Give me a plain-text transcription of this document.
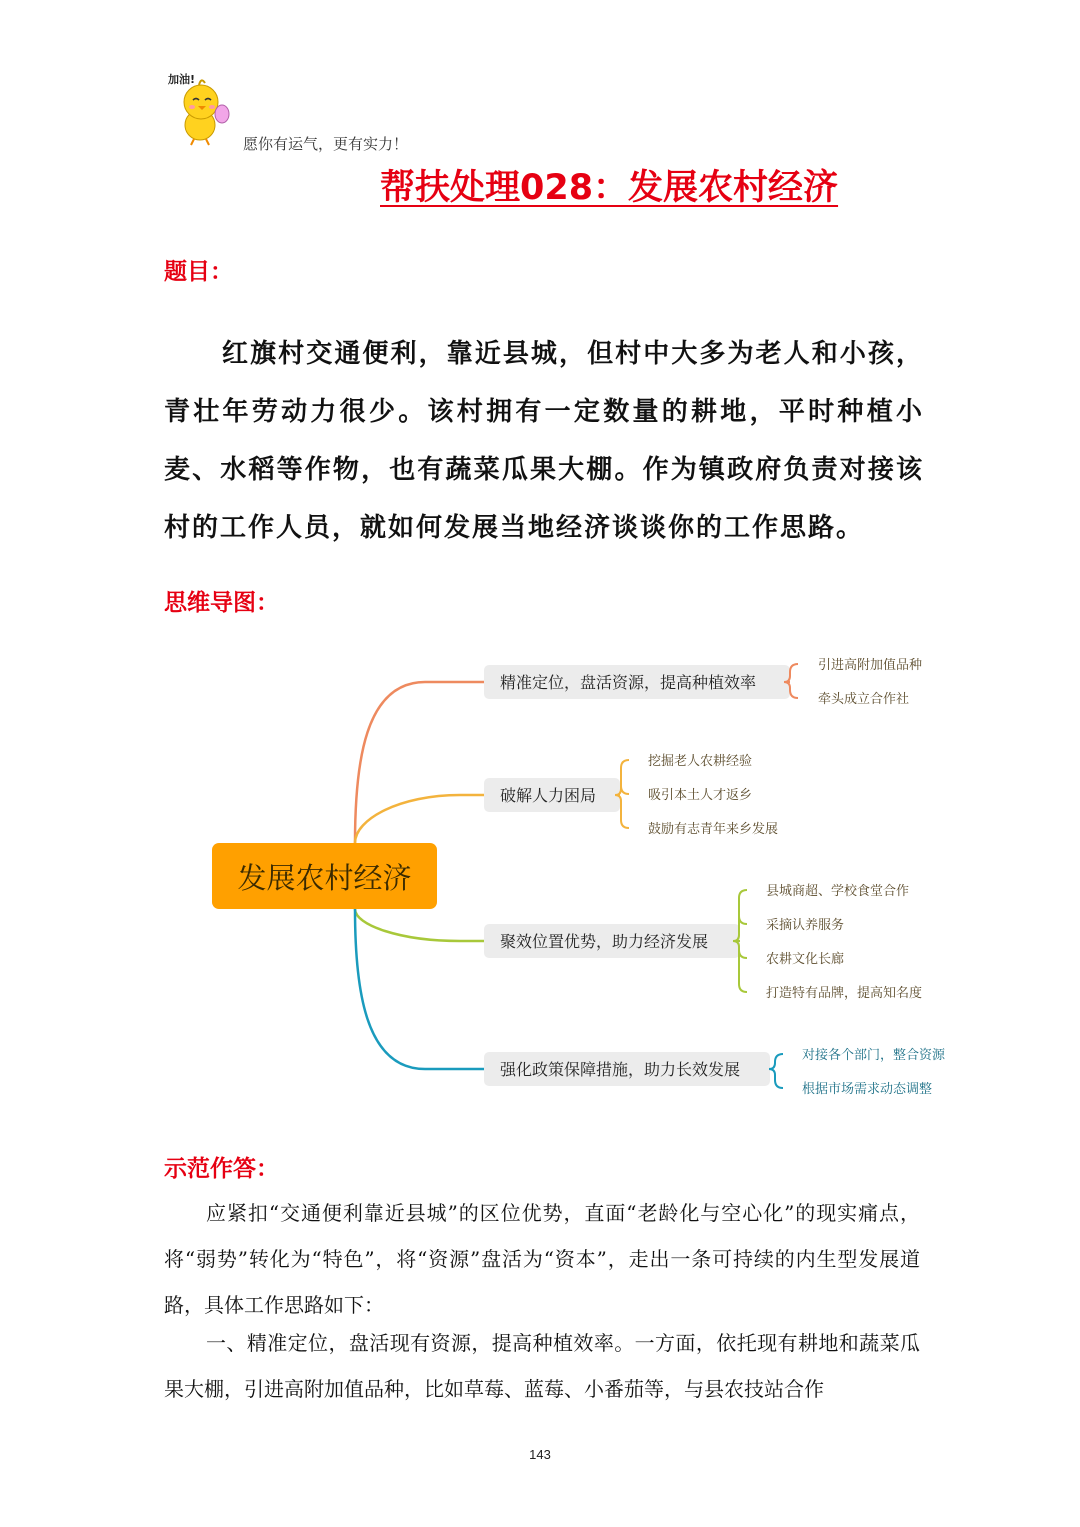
加油!
愿你有运气，更有实力！
帮扶处理028：发展农村经济
题目：
红旗村交通便利，靠近县城，但村中大多为老人和小孩，青壮年劳动力很少。该村拥有一定数量的耕地，平时种植小麦、水稻等作物，也有蔬菜瓜果大棚。作为镇政府负责对接该村的工作人员，就如何发展当地经济谈谈你的工作思路。
思维导图：
发展农村经济
精准定位，盘活资源，提高种植效率
引进高附加值品种
牵头成立合作社
破解人力困局
挖掘老人农耕经验
吸引本土人才返乡
鼓励有志青年来乡发展
聚效位置优势，助力经济发展
县城商超、学校食堂合作
采摘认养服务
农耕文化长廊
打造特有品牌，提高知名度
强化政策保障措施，助力长效发展
对接各个部门，整合资源
根据市场需求动态调整
示范作答：
应紧扣“交通便利靠近县城”的区位优势，直面“老龄化与空心化”的现实痛点，将“弱势”转化为“特色”，将“资源”盘活为“资本”，走出一条可持续的内生型发展道路，具体工作思路如下：
一、精准定位，盘活现有资源，提高种植效率。一方面，依托现有耕地和蔬菜瓜果大棚，引进高附加值品种，比如草莓、蓝莓、小番茄等，与县农技站合作
143
